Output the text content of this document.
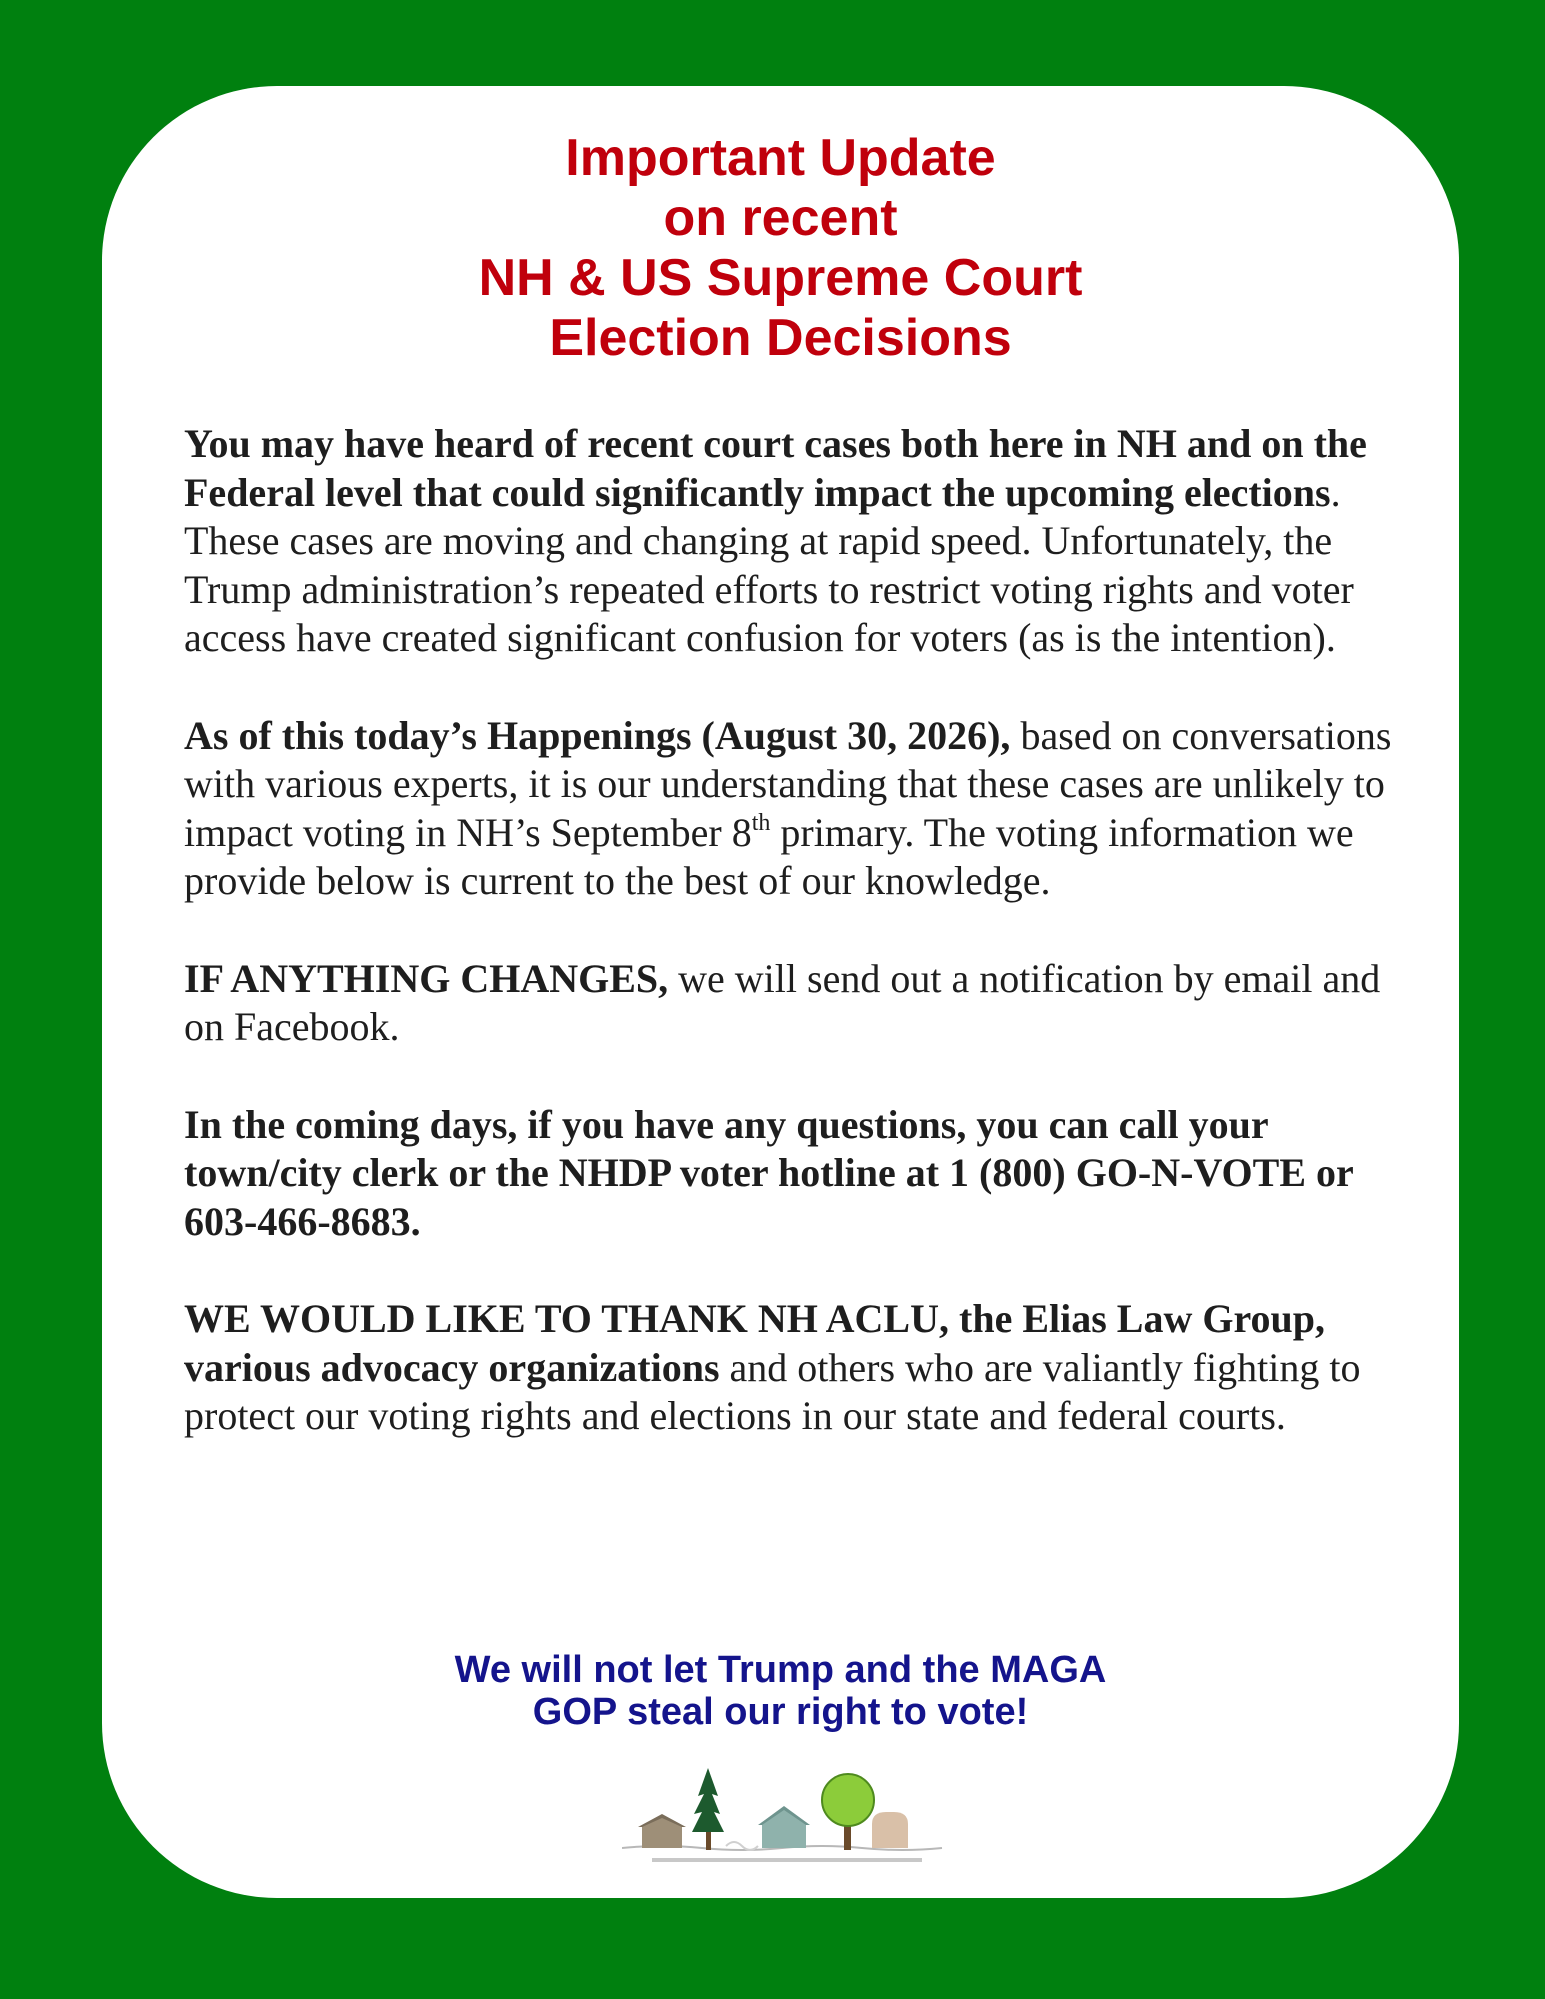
Important Update
on recent
NH & US Supreme Court
Election Decisions

You may have heard of recent court cases both here in NH and on the Federal level that could significantly impact the upcoming elections. These cases are moving and changing at rapid speed. Unfortunately, the Trump administration’s repeated efforts to restrict voting rights and voter access have created significant confusion for voters (as is the intention).

As of this today’s Happenings (August 30, 2026), based on conversations with various experts, it is our understanding that these cases are unlikely to impact voting in NH’s September 8th primary. The voting information we provide below is current to the best of our knowledge.

IF ANYTHING CHANGES, we will send out a notification by email and on Facebook.

In the coming days, if you have any questions, you can call your town/city clerk or the NHDP voter hotline at 1 (800) GO-N-VOTE or 603-466-8683.

WE WOULD LIKE TO THANK NH ACLU, the Elias Law Group, various advocacy organizations and others who are valiantly fighting to protect our voting rights and elections in our state and federal courts.

We will not let Trump and the MAGA
GOP steal our right to vote!
